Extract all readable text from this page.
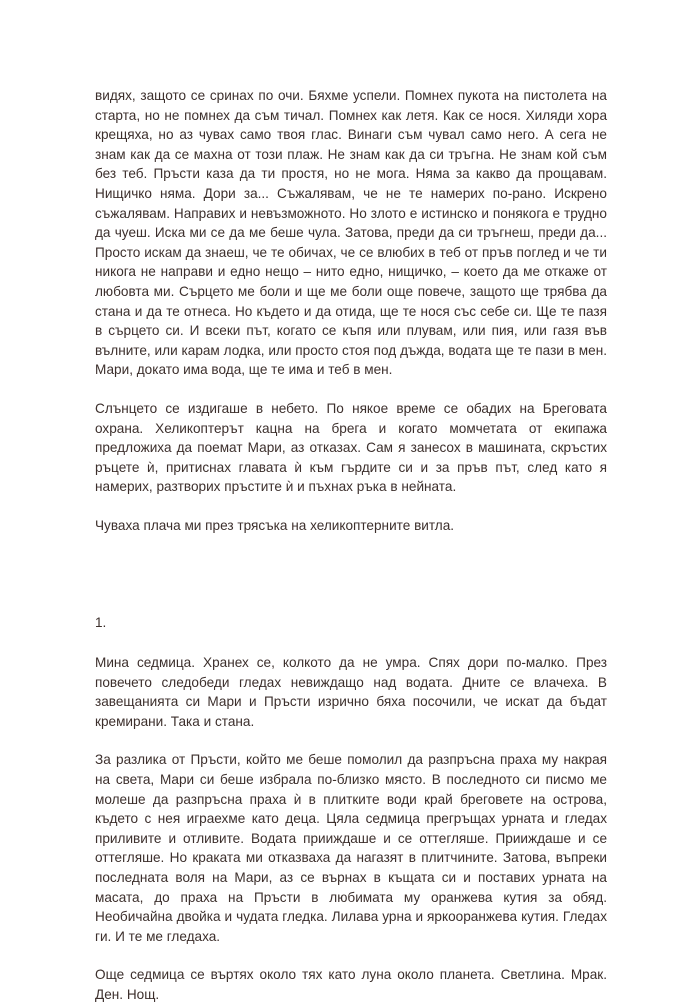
видях, защото се сринах по очи. Бяхме успели. Помнех пукота на пистолета на старта, но не помнех да съм тичал. Помнех как летя. Как се нося. Хиляди хора крещяха, но аз чувах само твоя глас. Винаги съм чувал само него. А сега не знам как да се махна от този плаж. Не знам как да си тръгна. Не знам кой съм без теб. Пръсти каза да ти простя, но не мога. Няма за какво да прощавам. Нищичко няма. Дори за... Съжалявам, че не те намерих по-рано. Искрено съжалявам. Направих и невъзможното. Но злото е истинско и понякога е трудно да чуеш. Иска ми се да ме беше чула. Затова, преди да си тръгнеш, преди да... Просто искам да знаеш, че те обичах, че се влюбих в теб от пръв поглед и че ти никога не направи и едно нещо – нито едно, нищичко, – което да ме откаже от любовта ми. Сърцето ме боли и ще ме боли още повече, защото ще трябва да стана и да те отнеса. Но където и да отида, ще те нося със себе си. Ще те пазя в сърцето си. И всеки път, когато се къпя или плувам, или пия, или газя във вълните, или карам лодка, или просто стоя под дъжда, водата ще те пази в мен. Мари, докато има вода, ще те има и теб в мен.

Слънцето се издигаше в небето. По някое време се обадих на Бреговата охрана. Хеликоптерът кацна на брега и когато момчетата от екипажа предложиха да поемат Мари, аз отказах. Сам я занесох в машината, скръстих ръцете ѝ, притиснах главата ѝ към гърдите си и за пръв път, след като я намерих, разтворих пръстите ѝ и пъхнах ръка в нейната.

Чуваха плача ми през трясъка на хеликоптерните витла.

1.

Мина седмица. Хранех се, колкото да не умра. Спях дори по-малко. През повечето следобеди гледах невиждащо над водата. Дните се влачеха. В завещанията си Мари и Пръсти изрично бяха посочили, че искат да бъдат кремирани. Така и стана.

За разлика от Пръсти, който ме беше помолил да разпръсна праха му накрая на света, Мари си беше избрала по-близко място. В последното си писмо ме молеше да разпръсна праха ѝ в плитките води край бреговете на острова, където с нея играехме като деца. Цяла седмица прегръщах урната и гледах приливите и отливите. Водата прииждаше и се оттегляше. Прииждаше и се оттегляше. Но краката ми отказваха да нагазят в плитчините. Затова, въпреки последната воля на Мари, аз се върнах в къщата си и поставих урната на масата, до праха на Пръсти в любимата му оранжева кутия за обяд. Необичайна двойка и чудата гледка. Лилава урна и яркооранжева кутия. Гледах ги. И те ме гледаха.

Още седмица се въртях около тях като луна около планета. Светлина. Мрак. Ден. Нощ.
